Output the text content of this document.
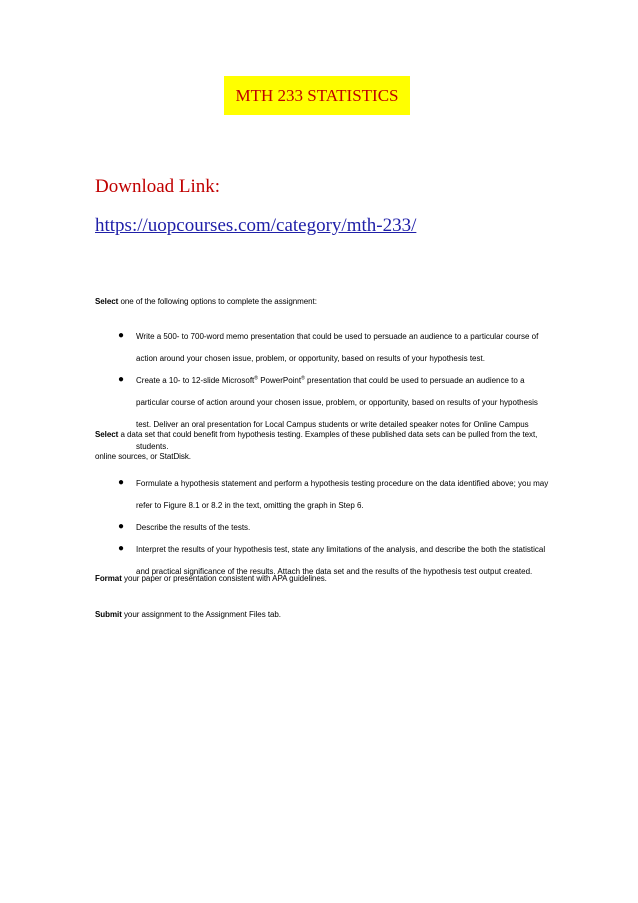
MTH 233 STATISTICS
Download Link:
https://uopcourses.com/category/mth-233/
Select one of the following options to complete the assignment:
● Write a 500- to 700-word memo presentation that could be used to persuade an audience to a particular course of action around your chosen issue, problem, or opportunity, based on results of your hypothesis test.
● Create a 10- to 12-slide Microsoft® PowerPoint® presentation that could be used to persuade an audience to a particular course of action around your chosen issue, problem, or opportunity, based on results of your hypothesis test. Deliver an oral presentation for Local Campus students or write detailed speaker notes for Online Campus students.
Select a data set that could benefit from hypothesis testing. Examples of these published data sets can be pulled from the text, online sources, or StatDisk.
● Formulate a hypothesis statement and perform a hypothesis testing procedure on the data identified above; you may refer to Figure 8.1 or 8.2 in the text, omitting the graph in Step 6.
● Describe the results of the tests.
● Interpret the results of your hypothesis test, state any limitations of the analysis, and describe the both the statistical and practical significance of the results. Attach the data set and the results of the hypothesis test output created.
Format your paper or presentation consistent with APA guidelines.
Submit your assignment to the Assignment Files tab.
